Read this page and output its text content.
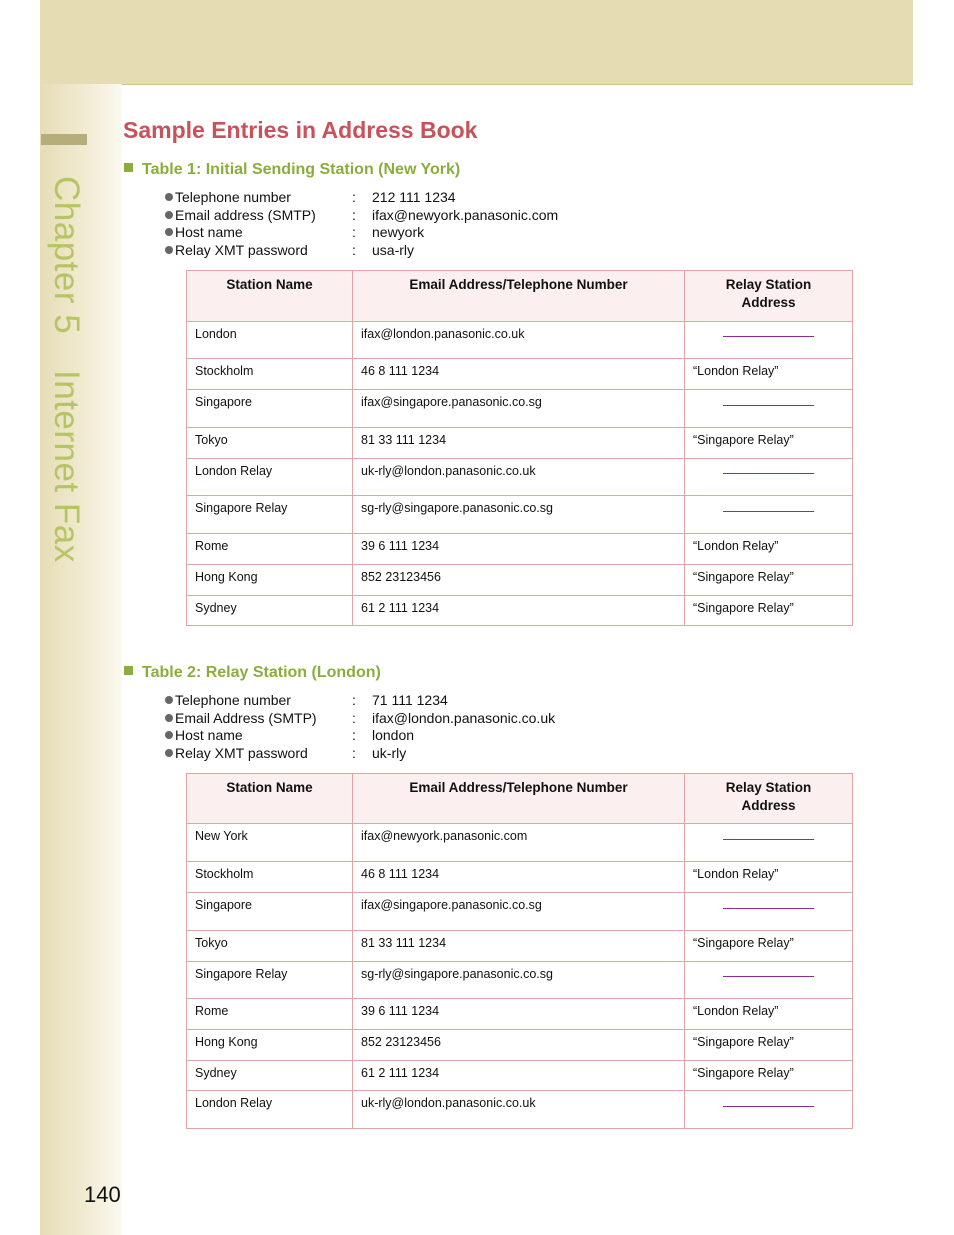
Chapter 5Internet Fax
Sample Entries in Address Book
Table 1: Initial Sending Station (New York)
Telephone number	: 212 111 1234
Email address (SMTP)	: ifax@newyork.panasonic.com
Host name	: newyork
Relay XMT password	: usa-rly
Station Name	Email Address/Telephone Number	Relay Station Address
London	ifax@london.panasonic.co.uk	

Stockholm	46 8 111 1234	“London Relay”
Singapore	ifax@singapore.panasonic.co.sg	

Tokyo	81 33 111 1234	“Singapore Relay”
London Relay	uk-rly@london.panasonic.co.uk	

Singapore Relay	sg-rly@singapore.panasonic.co.sg	

Rome	39 6 111 1234	“London Relay”
Hong Kong	852 23123456	“Singapore Relay”
Sydney	61 2 111 1234	“Singapore Relay”
Table 2: Relay Station (London)
Telephone number	: 71 111 1234
Email Address (SMTP)	: ifax@london.panasonic.co.uk
Host name	: london
Relay XMT password	: uk-rly
Station Name	Email Address/Telephone Number	Relay Station Address
New York	ifax@newyork.panasonic.com	

Stockholm	46 8 111 1234	“London Relay”
Singapore	ifax@singapore.panasonic.co.sg	

Tokyo	81 33 111 1234	“Singapore Relay”
Singapore Relay	sg-rly@singapore.panasonic.co.sg	

Rome	39 6 111 1234	“London Relay”
Hong Kong	852 23123456	“Singapore Relay”
Sydney	61 2 111 1234	“Singapore Relay”
London Relay	uk-rly@london.panasonic.co.uk	
140
